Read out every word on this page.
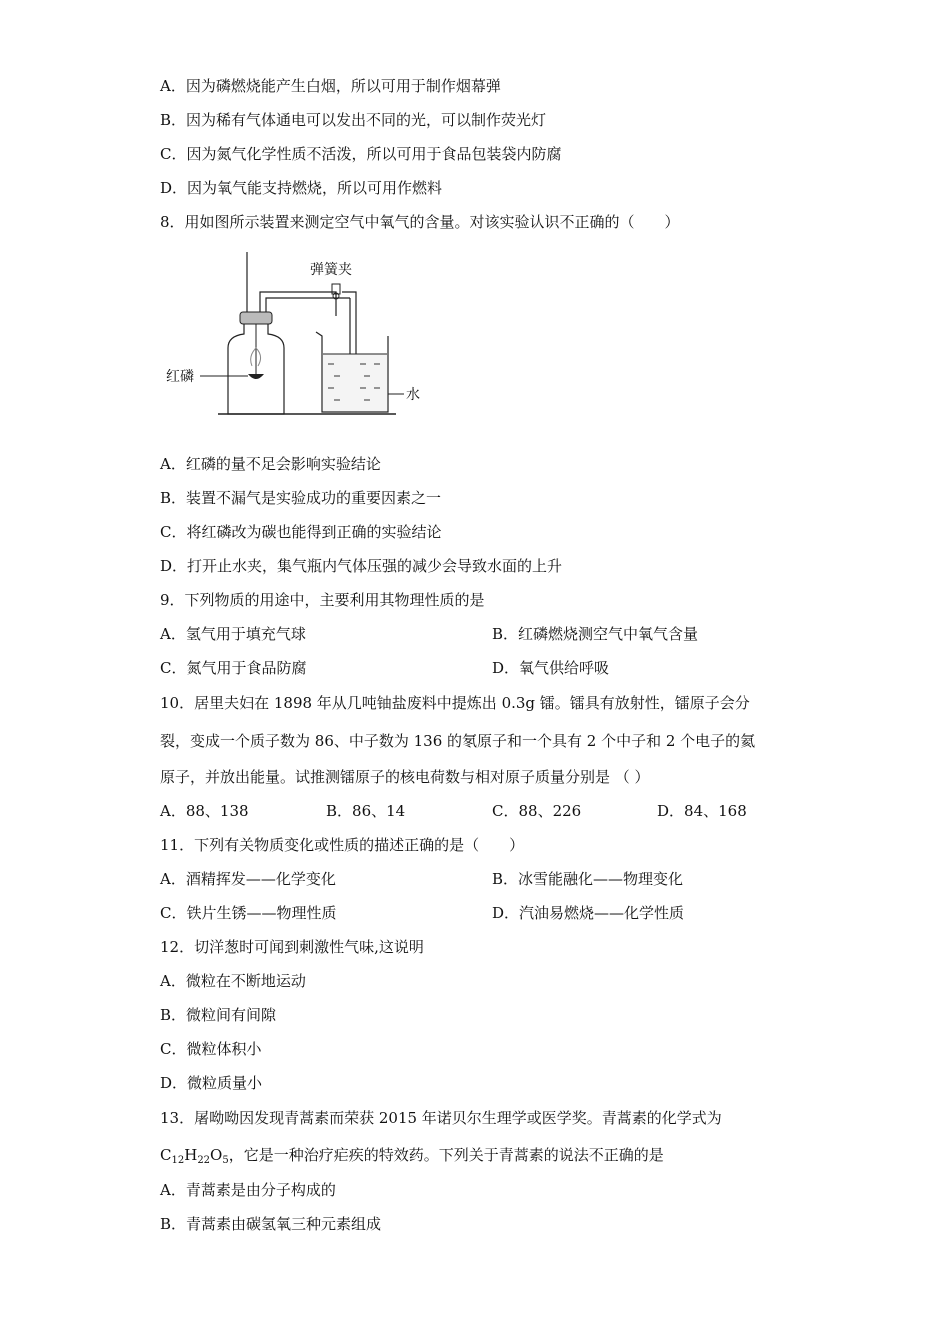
A．因为磷燃烧能产生白烟，所以可用于制作烟幕弹
B．因为稀有气体通电可以发出不同的光，可以制作荧光灯
C．因为氮气化学性质不活泼，所以可用于食品包装袋内防腐
D．因为氧气能支持燃烧，所以可用作燃料
8．用如图所示装置来测定空气中氧气的含量。对该实验认识不正确的（　　）
弹簧夹
红磷
水
A．红磷的量不足会影响实验结论
B．装置不漏气是实验成功的重要因素之一
C．将红磷改为碳也能得到正确的实验结论
D．打开止水夹，集气瓶内气体压强的减少会导致水面的上升
9．下列物质的用途中，主要利用其物理性质的是
A．氢气用于填充气球	B．红磷燃烧测空气中氧气含量
C．氮气用于食品防腐	D．氧气供给呼吸
10．居里夫妇在 1898 年从几吨铀盐废料中提炼出 0.3g 镭。镭具有放射性，镭原子会分
裂，变成一个质子数为 86、中子数为 136 的氡原子和一个具有 2 个中子和 2 个电子的氦
原子，并放出能量。试推测镭原子的核电荷数与相对原子质量分别是 （ ）
A．88、138	B．86、14	C．88、226	D．84、168
11．下列有关物质变化或性质的描述正确的是（　　）
A．酒精挥发——化学变化	B．冰雪能融化——物理变化
C．铁片生锈——物理性质	D．汽油易燃烧——化学性质
12．切洋葱时可闻到刺激性气味,这说明
A．微粒在不断地运动
B．微粒间有间隙
C．微粒体积小
D．微粒质量小
13．屠呦呦因发现青蒿素而荣获 2015 年诺贝尔生理学或医学奖。青蒿素的化学式为
$C_{12}H_{22}O_5$，它是一种治疗疟疾的特效药。下列关于青蒿素的说法不正确的是
A．青蒿素是由分子构成的
B．青蒿素由碳氢氧三种元素组成
